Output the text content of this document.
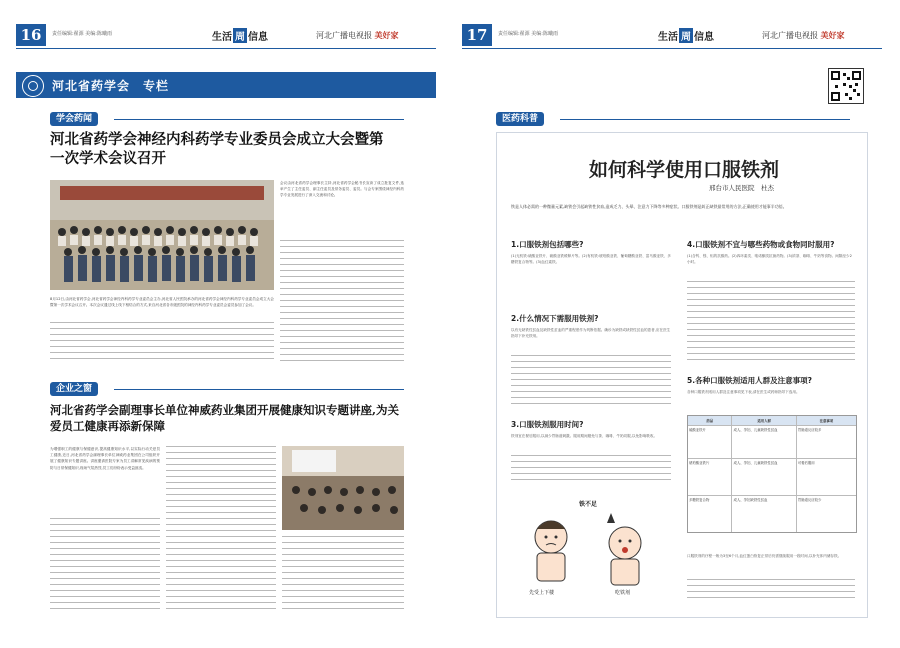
16	责任编辑:翟源 美编:陈曦雨	生活 周 信息	河北广播电视报 美好家
河北省药学会　专栏
学会药闻
河北省药学会神经内科药学专业委员会成立大会暨第一次学术会议召开
8月12日,由河北省药学会,河北省药学会神经内科药学专业委员会主办,河北省人民医院承办的河北省药学会神经内科药学专业委员会成立大会暨第一次学术会议召开。本次会议通过线上线下相结合的方式,来自河北省各市级医院的神经内科药学专业委员会委员参加了会议。
会议由河北省药学会理事长主持,河北省药学会秘书长宣读了成立批复文件,选举产生了主任委员、副主任委员及常务委员、委员。与会专家围绕神经内科药学专业发展进行了深入交流和讨论。
企业之窗
河北省药学会副理事长单位神威药业集团开展健康知识专题讲座,为关爱员工健康再添新保障
为增强职工的健康与保健意识,提高健康知识水平,以实际行动关爱员工健康,近日,河北省药学会副理事长单位神威药业集团在公司组织开展了健康知识专题讲座。讲座邀请医院专家为员工讲解常见疾病的预防与日常保健知识,现场气氛热烈,员工们纷纷表示受益匪浅。
17	责任编辑:翟源 美编:陈曦雨	生活 周 信息	河北广播电视报 美好家
医药科普
如何科学使用口服铁剂
邢台市人民医院　杜杰
铁是人体必需的一种微量元素,缺铁会引起缺铁性贫血,造成乏力、头晕、注意力下降等多种症状。口服铁剂是纠正缺铁最常用的方法,正确使用才能事半功倍。
1.口服铁剂包括哪些?
(1)无机铁:硫酸亚铁片、硫酸亚铁缓释片等。(2)有机铁:琥珀酸亚铁、葡萄糖酸亚铁、富马酸亚铁、多糖铁复合物等。(3)血红素铁。
2.什么情况下需服用铁剂?
以有无缺铁性贫血及缺铁性贫血的严重程度作为判断依据。确诊为缺铁或缺铁性贫血的患者,应在医生指导下补充铁剂。
3.口服铁剂服用时间?
铁剂宜在餐后服用,以减少胃肠道刺激。服用期间避免与茶、咖啡、牛奶同服,以免影响吸收。
铁不足
先受上下楼	吃铁剂
4.口服铁剂不宜与哪些药物或食物同时服用?
(1)含钙、镁、铝的抗酸药。(2)四环素类、喹诺酮类抗菌药物。(3)浓茶、咖啡、牛奶等食物。间隔至少2小时。
5.各种口服铁剂适用人群及注意事项?
各种口服铁剂适用人群及注意事项见下表,请在医生或药师指导下选用。
药品	适用人群	注意事项
硫酸亚铁片	成人、孕妇、儿童缺铁性贫血	胃肠道反应较多
琥珀酸亚铁片	成人、孕妇、儿童缺铁性贫血	可餐后服用
多糖铁复合物	成人、孕妇缺铁性贫血	胃肠道反应较少
口服铁剂的疗程一般为3至6个月,血红蛋白恢复正常后仍需继续服用一段时间,以补充体内储存铁。
